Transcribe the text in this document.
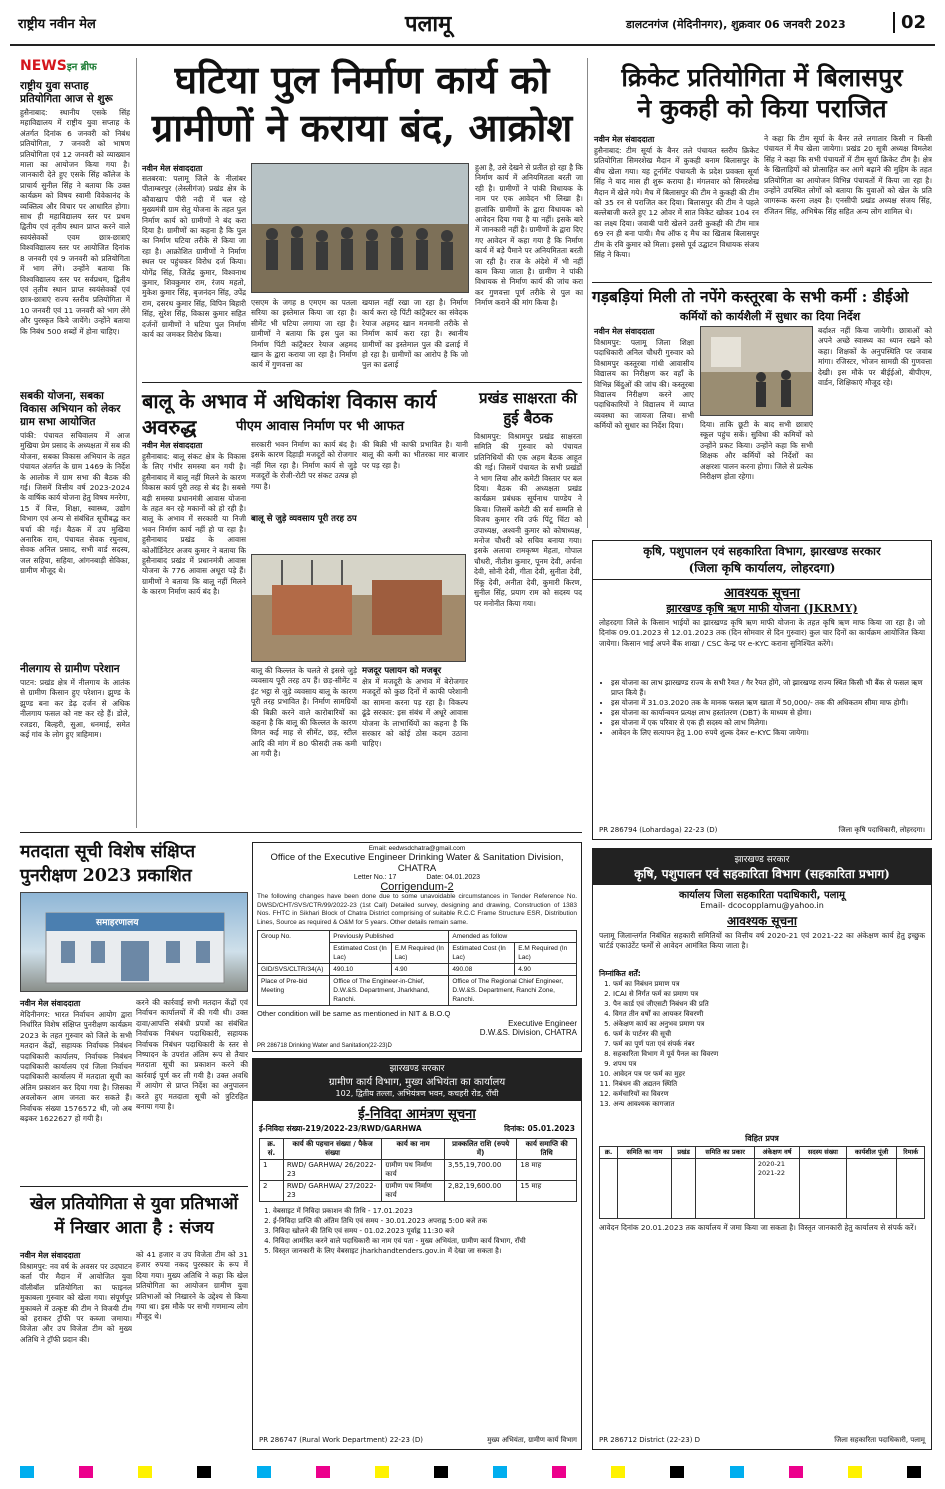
राष्ट्रीय नवीन मेल	पलामू	डालटनगंज (मेदिनीनगर), शुक्रवार 06 जनवरी 2023	02
NEWSइन ब्रीफ
राष्ट्रीय युवा सप्ताह प्रतियोगिता आज से शुरू
हुसैनाबाद: स्थानीय एसके सिंह महाविद्यालय में राष्ट्रीय युवा सप्ताह के अंतर्गत दिनांक 6 जनवरी को निबंध प्रतियोगिता, 7 जनवरी को भाषण प्रतियोगिता एवं 12 जनवरी को व्याख्यान माला का आयोजन किया गया है। जानकारी देते हुए एसके सिंह कॉलेज के प्राचार्य सुनील सिंह ने बताया कि उक्त कार्यक्रम को विषय स्वामी विवेकानंद के व्यक्तित्व और विचार पर आधारित होगा। साथ ही महाविद्यालय स्तर पर प्रथम द्वितीय एवं तृतीय स्थान प्राप्त करने वाले स्वयंसेवकों एवम छात्र-छात्राएं विश्वविद्यालय स्तर पर आयोजित दिनांक 8 जनवरी एवं 9 जनवरी को प्रतियोगिता में भाग लेंगे। उन्होंने बताया कि विश्वविद्यालय स्तर पर सर्वप्रथम, द्वितीय एवं तृतीय स्थान प्राप्त स्वयंसेवकों एवं छात्र-छात्राएं राज्य स्तरीय प्रतियोगिता में 10 जनवरी एवं 11 जनवरी को भाग लेंगे और पुरस्कृत किये जायेंगे। उन्होंने बताया कि निबंध 500 शब्दों में होना चाहिए।
सबकी योजना, सबका विकास अभियान को लेकर ग्राम सभा आयोजित
पांकी: पंचायत सचिवालय में आज मुखिया प्रेम प्रसाद के अध्यक्षता में सब की योजना, सबका विकास अभियान के तहत पंचायत अंतर्गत के ग्राम 1469 के निर्देश के आलोक में ग्राम सभा की बैठक की गई। जिसमें वित्तीय वर्ष 2023-2024 के वार्षिक कार्य योजना हेतु विषय मनरेगा, 15 वें वित्त, शिक्षा, स्वास्थ्य, उद्योग विभाग एवं अन्य से संबंधित सूचीबद्ध कर चर्चा की गई। बैठक में उप मुखिया अनारिक राम, पंचायत सेवक रघुनाथ, सेवक अनिल प्रसाद, सभी वार्ड सदस्य, जल सहिया, सहिया, आंगनबाड़ी सेविका, ग्रामीण मौजूद थे।
नीलगाय से ग्रामीण परेशान
पाटन: प्रखंड क्षेत्र में नीलगाय के आतंक से ग्रामीण किसान हुए परेशान। झुण्ड के झुण्ड बना कर डेढ़ दर्जन से अधिक नीलगाय फसल को नष्ट कर रहे हैं। डोले, रजडरा, बिल्हरी, सुआ, धनमाई, समेत कई गांव के लोग हुए त्राहिमाम।
घटिया पुल निर्माण कार्य को
ग्रामीणों ने कराया बंद, आक्रोश
नवीन मेल संवाददाता
सतबरवा: पलामू जिले के नीलांबर पीताम्बरपुर (लेस्लीगंज) प्रखंड क्षेत्र के कौवाखाप पीरी नदी में चल रहे मुख्यमंत्री ग्राम सेतु योजना के तहत पुल निर्माण कार्य को ग्रामीणों ने बंद करा दिया है। ग्रामीणों का कहना है कि पुल का निर्माण घटिया तरीके से किया जा रहा है। आक्रोशित ग्रामीणों ने निर्माण स्थल पर पहुंचकर विरोध दर्ज किया। योगेंद्र सिंह, जितेंद्र कुमार, विश्वनाथ कुमार, शिवकुमार राम, रंजय महतो, मुकेश कुमार सिंह, बृजनंदन सिंह, उपेंद्र राम, दसरथ कुमार सिंह, विपिन बिहारी सिंह, सुरेश सिंह, विकास कुमार सहित दर्जनों ग्रामीणों ने घटिया पुल निर्माण कार्य का जमकर विरोध किया।
एसएम के जगह 8 एमएम का पतला सरिया का इस्तेमाल किया जा रहा है। सीमेंट भी घटिया लगाया जा रहा है। ग्रामीणों ने बताया कि इस पुल का निर्माण पिंटी कांट्रैक्टर रेयाज अहमद खान के द्वारा कराया जा रहा है। निर्माण कार्य में गुणवत्ता का
खयाल नहीं रखा जा रहा है। निर्माण कार्य करा रहे पिंटी कांट्रैक्टर का संवेदक रेयाज अहमद खान मनमानी तरीके से निर्माण कार्य करा रहा है। स्थानीय ग्रामीणों का इस्तेमाल पुल की ढलाई में हो रहा है। ग्रामीणों का आरोप है कि जो पुल का ढलाई
हुआ है, उसे देखने से प्रतीत हो रहा है कि निर्माण कार्य में अनियमितता बरती जा रही है। ग्रामीणों ने पांकी विधायक के नाम पर एक आवेदन भी लिखा है। हालांकि ग्रामीणों के द्वारा विधायक को आवेदन दिया गया है या नहीं। इसके बारे में जानकारी नहीं है। ग्रामीणों के द्वारा दिए गए आवेदन में कहा गया है कि निर्माण कार्य में बड़े पैमाने पर अनियमितता बरती जा रही है। राज के अंदेशे में भी नहीं काम किया जाता है। ग्रामीण ने पांकी विधायक से निर्माण कार्य की जांच करा कर गुणवत्ता पूर्ण तरीके से पुल का निर्माण कराने की मांग किया है।
क्रिकेट प्रतियोगिता में बिलासपुर
ने कुकही को किया पराजित
नवीन मेल संवाददाता
हुसैनाबाद: टीम सूर्या के बैनर तले पंचायत स्तरीय क्रिकेट प्रतियोगिता सिमरशेख मैदान में कुकही बनाम बिलासपुर के बीच खेला गया। यह टूर्नामेंट पंचायती के प्रदेश प्रवक्ता सूर्या सिंह ने याद मास ही शुरू कराया है। मंगलवार को सिमरशेख मैदान में खेले गये। मैच में बिलासपुर की टीम ने कुकही की टीम को 35 रन से पराजित कर दिया। बिलासपुर की टीम ने पहले बल्लेबाजी करते हुए 12 ओवर में सात विकेट खोकर 104 रन का लक्ष्य दिया। जवाबी पारी खेलने उतरी कुकही की टीम मात्र 69 रन ही बना पायी। मैच ऑफ द मैच का खिताब बिलासपुर टीम के रवि कुमार को मिला। इससे पूर्व उद्घाटन विधायक संजय सिंह ने किया।
ने कहा कि टीम सूर्या के बैनर तले लगातार किसी न किसी पंचायत में मैच खेला जायेगा। प्रखंड 20 सूत्री अध्यक्ष विमलेश सिंह ने कहा कि सभी पंचायतों में टीम सूर्या क्रिकेट टीम है। क्षेत्र के खिलाड़ियों को प्रोत्साहित कर आगे बढ़ाने की मुहिम के तहत प्रतियोगिता का आयोजन विभिन्न पंचायतों में किया जा रहा है। उन्होंने उपस्थित लोगों को बताया कि युवाओं को खेल के प्रति जागरूक करना लक्ष्य है। एनसीपी प्रखंड अध्यक्ष संजय सिंह, रंजितन सिंह, अभिषेक सिंह सहित अन्य लोग शामिल थे।
गड़बड़ियां मिली तो नपेंगे कस्तूरबा के सभी कर्मी : डीईओ
कर्मियों को कार्यशैली में सुधार का दिया निर्देश
नवीन मेल संवाददाता
विश्रामपुर: पलामू जिला शिक्षा पदाधिकारी अनिल चौधरी गुरुवार को विश्रामपुर कस्तूरबा गांधी आवासीय विद्यालय का निरीक्षण कर वहाँ के विभिन्न बिंदुओं की जांच की। कस्तूरबा विद्यालय निरीक्षण करने आए पदाधिकारियों ने विद्यालय में व्याप्त व्यवस्था का जायजा लिया। सभी कर्मियों को सुधार का निर्देश दिया।	दिया। ताकि छूटी के बाद सभी छात्राएं स्कूल पहुंच सकें। सुविधा की कमियों को उन्होंने प्रकट किया। उन्होंने कहा कि सभी शिक्षक और कर्मियों को निर्देशों का अक्षरशः पालन करना होगा। जिले से प्रत्येक निरीक्षण होता रहेगा।
बर्दाश्त नहीं किया जायेगी। छात्राओं को अपने अच्छे स्वास्थ्य का ध्यान रखने को कहा। शिक्षकों के अनुपस्थिति पर जवाब मांगा। रजिस्टर, भोजन सामग्री की गुणवत्ता देखी। इस मौके पर बीईईओ, बीपीएम, वार्डन, शिक्षिकाएं मौजूद रहे।
बालू के अभाव में अधिकांश विकास कार्य अवरुद्ध	पीएम आवास निर्माण पर भी आफत
नवीन मेल संवाददाता
हुसैनाबाद: बालू संकट क्षेत्र के विकास के लिए गंभीर समस्या बन गयी है। हुसैनाबाद में बालू नहीं मिलने के कारण विकास कार्य पूरी तरह से बंद है। सबसे बड़ी समस्या प्रधानमंत्री आवास योजना के तहत बन रहे मकानों को हो रही है। बालू के अभाव में सरकारी या निजी भवन निर्माण कार्य नहीं हो पा रहा है। हुसैनाबाद प्रखंड के आवास कोऑर्डिनेटर अजय कुमार ने बताया कि हुसैनाबाद प्रखंड में प्रधानमंत्री आवास योजना के 776 आवास अधूरा पड़े हैं। ग्रामीणों ने बताया कि बालू नहीं मिलने के कारण निर्माण कार्य बंद है।
सरकारी भवन निर्माण का कार्य बंद है। इसके कारण दिहाड़ी मजदूरों को रोजगार नहीं मिल रहा है। निर्माण कार्य से जुड़े मजदूरों के रोजी-रोटी पर संकट उत्पन्न हो गया है।
बालू से जुड़े व्यवसाय पूरी तरह ठप
बालू की किल्लत के चलते से इससे जुड़े व्यवसाय पूरी तरह ठप हैं। छड़-सीमेंट व इंट भट्ठा से जुड़े व्यवसाय बालू के कारण पूरी तरह प्रभावित है। निर्माण सामग्रियों की बिक्री करने वाले कारोबारियों का कहना है कि बालू की किल्लत के कारण विगत कई माह से सीमेंट, छड़, स्टील आदि की मांग में 80 फीसदी तक कमी आ गयी है।
की बिक्री भी काफी प्रभावित है। यानी बालू की कमी का भीतरका मार बाजार पर पड़ रहा है।
मजदूर पलायन को मजबूर
क्षेत्र में मजदूरी के अभाव में बेरोजगार मजदूरों को कुछ दिनों में काफी परेशानी का सामना करना पड़ रहा है। विकल्प ढूंढे सरकार: इस संबंध में अधूरे आवास योजना के लाभार्थियों का कहना है कि सरकार को कोई ठोस कदम उठाना चाहिए।
प्रखंड साक्षरता की हुई बैठक
विश्रामपुर: विश्रामपुर प्रखंड साक्षरता समिति की गुरुवार को पंचायत प्रतिनिधियों की एक अहम बैठक आहूत की गई। जिसमें पंचायत के सभी प्रखंडों ने भाग लिया और कमेटी विस्तार पर बल दिया। बैठक की अध्यक्षता प्रखंड कार्यक्रम प्रबंधक सूर्यनाथ पाण्डेय ने किया। जिसमें कमेटी की सर्व सम्मति से विजय कुमार रवि उर्फ पिंटू चिंटा को उपाध्यक्ष, अश्वनी कुमार को कोषाध्यक्ष, मनोज चौधरी को सचिव बनाया गया। इसके अलावा रामकृष्ण मेहता, गोपाल चौधरी, नीतीश कुमार, पूनम देवी, अर्चना देवी, सोनी देवी, गीता देवी, सुनीता देवी, रिंकू देवी, अनीता देवी, कुमारी किरण, सुनील सिंह, प्रयाग राम को सदस्य पद पर मनोनीत किया गया।
कृषि, पशुपालन एवं सहकारिता विभाग, झारखण्ड सरकार
(जिला कृषि कार्यालय, लोहरदगा)
आवश्यक सूचना
झारखण्ड कृषि ऋण माफी योजना (JKRMY)
लोहरदगा जिले के किसान भाईयों का झारखण्ड कृषि ऋण माफी योजना के तहत कृषि ऋण माफ किया जा रहा है। जो दिनांक 09.01.2023 से 12.01.2023 तक (दिन सोमवार से दिन गुरुवार) कुल चार दिनों का कार्यक्रम आयोजित किया जायेगा। किसान भाई अपने बैंक शाखा / CSC केन्द्र पर e-KYC कराना सुनिश्चित करेंगे।
• इस योजना का लाभ झारखण्ड राज्य के सभी रैयत / गैर रैयत होंगे, जो झारखण्ड राज्य स्थित किसी भी बैंक से फसल ऋण प्राप्त किये हैं।
• इस योजना में 31.03.2020 तक के मानक फसल ऋण खाता में 50,000/- तक की अधिकतम सीमा माफ होगी।
• इस योजना का कार्यान्वयन प्रत्यक्ष लाभ हस्तांतरण (DBT) के माध्यम से होगा।
• इस योजना में एक परिवार से एक ही सदस्य को लाभ मिलेगा।
• आवेदन के लिए सत्यापन हेतु 1.00 रुपये शुल्क देकर e-KYC किया जायेगा।
PR 286794 (Lohardaga) 22-23 (D)	जिला कृषि पदाधिकारी, लोहरदगा।
मतदाता सूची विशेष संक्षिप्त
पुनरीक्षण 2023 प्रकाशित
समाहरणालय
नवीन मेल संवाददाता
मेदिनीनगर: भारत निर्वाचन आयोग द्वारा निर्धारित विशेष संक्षिप्त पुनरीक्षण कार्यक्रम 2023 के तहत गुरुवार को जिले के सभी मतदान केंद्रों, सहायक निर्वाचक निबंधन पदाधिकारी कार्यालय, निर्वाचक निबंधन पदाधिकारी कार्यालय एवं जिला निर्वाचन पदाधिकारी कार्यालय में मतदाता सूची का अंतिम प्रकाशन कर दिया गया है। जिसका अवलोकन आम जनता कर सकते हैं। निर्वाचक संख्या 1576572 थी, जो अब बढ़कर 1622627 हो गयी है।
करने की कार्रवाई सभी मतदान केंद्रों एवं निर्वाचन कार्यालयों में की गयी थी। उक्त दावा/आपत्ति संबंधी प्रपत्रों का संबंधित निर्वाचक निबंधन पदाधिकारी, सहायक निर्वाचक निबंधन पदाधिकारी के स्तर से निष्पादन के उपरांत अंतिम रूप से तैयार मतदाता सूची का प्रकाशन करने की कार्रवाई पूर्ण कर ली गयी है। उक्त अवधि में आयोग से प्राप्त निर्देश का अनुपालन करते हुए मतदाता सूची को त्रुटिरहित बनाया गया है।
खेल प्रतियोगिता से युवा प्रतिभाओं
में निखार आता है : संजय
नवीन मेल संवाददाता
विश्रामपुर: नव वर्ष के अवसर पर उदघाटन कर्ता पीर मैदान में आयोजित युवा वॉलीबॉल प्रतियोगिता का फाइनल मुकाबला गुरुवार को खेला गया। संपूर्णपुर मुकाबले में उत्कृष्ट की टीम ने विजयी टीम को हराकर ट्रॉफी पर कब्जा जमाया। विजेता और उप विजेता टीम को मुख्य अतिथि ने ट्रॉफी प्रदान की।
को 41 हजार व उप विजेता टीम को 31 हजार रुपया नकद पुरस्कार के रूप में दिया गया। मुख्य अतिथि ने कहा कि खेल प्रतियोगिता का आयोजन ग्रामीण युवा प्रतिभाओं को निखारने के उद्देश्य से किया गया था। इस मौके पर सभी गणमान्य लोग मौजूद थे।
Email: eedwsdchatra@gmail.com
Office of the Executive Engineer Drinking Water & Sanitation Division, CHATRA
Letter No.: 17	Date: 04.01.2023
Corrigendum-2
The following changes have been done due to some unavoidable circumstances in Tender Reference No. DWSD/CHT/SVS/CTR/99/2022-23 (1st Call) Detailed survey, designing and drawing, Construction of 1383 Nos. FHTC in Sikhari Block of Chatra District comprising of suitable R.C.C Frame Structure ESR, Distribution Lines, Source as required & O&M for 5 years. Other details remain same.
Group No.	Previously Published		Amended as follow	
	Estimated Cost (In Lac)	E.M Required (In Lac)	Estimated Cost (In Lac)	E.M Required (In Lac)
GID/SVS/CLTR/34(A)	490.10	4.90	490.08	4.90
Place of Pre-bid Meeting	Office of The Engineer-in-Chief, D.W.&S. Department, Jharkhand, Ranchi.		Office of The Regional Chief Engineer, D.W.&S. Department, Ranchi Zone, Ranchi.	
Other condition will be same as mentioned in NIT & B.O.Q
Executive Engineer
D.W.&S. Division, CHATRA
PR 286718 Drinking Water and Sanitation(22-23)D
झारखण्ड सरकार
ग्रामीण कार्य विभाग, मुख्य अभियंता का कार्यालय
102, द्वितीय तल्ला, अभियंत्रण भवन, कचहरी रोड, राँची
ई-निविदा आमंत्रण सूचना
ई-निविदा संख्या-219/2022-23/RWD/GARHWA	दिनांक: 05.01.2023
क्र. सं.	कार्य की पहचान संख्या / पैकेज संख्या	कार्य का नाम	प्राक्कलित राशि (रुपये में)	कार्य समाप्ति की तिथि
1	RWD/ GARHWA/ 26/2022-23	ग्रामीण पथ निर्माण कार्य	3,55,19,700.00	18 माह
2	RWD/ GARHWA/ 27/2022-23	ग्रामीण पथ निर्माण कार्य	2,82,19,600.00	15 माह
1. वेबसाइट में निविदा प्रकाशन की तिथि - 17.01.2023
2. ई-निविदा प्राप्ति की अंतिम तिथि एवं समय - 30.01.2023 अपराह्न 5:00 बजे तक
3. निविदा खोलने की तिथि एवं समय - 01.02.2023 पूर्वाह्न 11:30 बजे
4. निविदा आमंत्रित करने वाले पदाधिकारी का नाम एवं पता - मुख्य अभियंता, ग्रामीण कार्य विभाग, राँची
5. विस्तृत जानकारी के लिए वेबसाइट jharkhandtenders.gov.in में देखा जा सकता है।
PR 286747 (Rural Work Department) 22-23 (D)	मुख्य अभियंता, ग्रामीण कार्य विभाग
झारखण्ड सरकार
कृषि, पशुपालन एवं सहकारिता विभाग (सहकारिता प्रभाग)
कार्यालय जिला सहकारिता पदाधिकारी, पलामू
Email- dcocopplamu@yahoo.in
आवश्यक सूचना
पलामू जिलान्तर्गत निबंधित सहकारी समितियों का वित्तीय वर्ष 2020-21 एवं 2021-22 का अंकेक्षण कार्य हेतु इच्छुक चार्टर्ड एकाउंटेंट फर्मों से आवेदन आमंत्रित किया जाता है।
निम्नांकित शर्तें:
1. फर्म का निबंधन प्रमाण पत्र
2. ICAI से निर्गत फर्म का प्रमाण पत्र
3. पैन कार्ड एवं जीएसटी निबंधन की प्रति
4. विगत तीन वर्षों का आयकर विवरणी
5. अंकेक्षण कार्य का अनुभव प्रमाण पत्र
6. फर्म के पार्टनर की सूची
7. फर्म का पूर्ण पता एवं संपर्क नंबर
8. सहकारिता विभाग में पूर्व पैनल का विवरण
9. शपथ पत्र
10. आवेदन पत्र पर फर्म का मुहर
11. निबंधन की अद्यतन स्थिति
12. कर्मचारियों का विवरण
13. अन्य आवश्यक कागजात
विहित प्रपत्र
क्र.	समिति का नाम	प्रखंड	समिति का प्रकार	अंकेक्षण वर्ष	सदस्य संख्या	कार्यशील पूंजी	रिमार्क

				2020-21
2021-22			

आवेदन दिनांक 20.01.2023 तक कार्यालय में जमा किया जा सकता है। विस्तृत जानकारी हेतु कार्यालय से संपर्क करें।
PR 286712 District (22-23) D	जिला सहकारिता पदाधिकारी, पलामू
